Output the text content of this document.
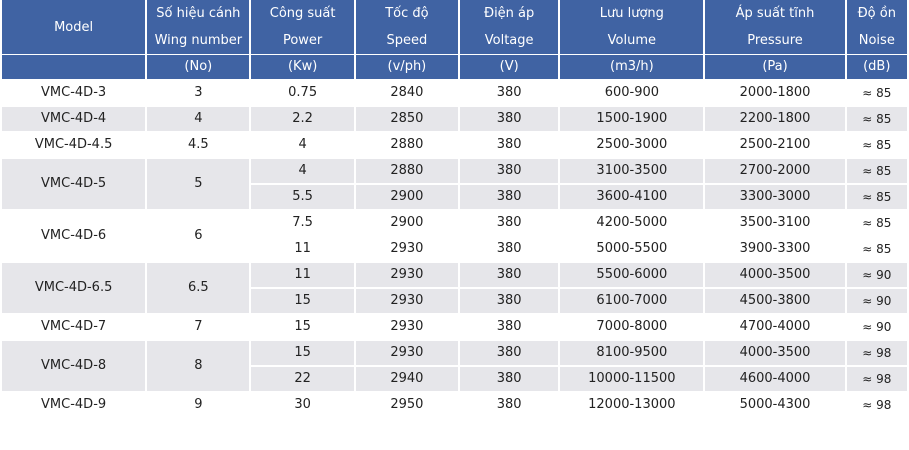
Model	Số hiệu cánh	Công suất	Tốc độ	Điện áp	Lưu lượng	Áp suất tĩnh	Độ ồn
	Wing number	Power	Speed	Voltage	Volume	Pressure	Noise
	(No)	(Kw)	(v/ph)	(V)	(m3/h)	(Pa)	(dB)
VMC-4D-3	3	0.75	2840	380	600-900	2000-1800	≈ 85
VMC-4D-4	4	2.2	2850	380	1500-1900	2200-1800	≈ 85
VMC-4D-4.5	4.5	4	2880	380	2500-3000	2500-2100	≈ 85
VMC-4D-5	5	4	2880	380	3100-3500	2700-2000	≈ 85
		5.5	2900	380	3600-4100	3300-3000	≈ 85
VMC-4D-6	6	7.5	2900	380	4200-5000	3500-3100	≈ 85
		11	2930	380	5000-5500	3900-3300	≈ 85
VMC-4D-6.5	6.5	11	2930	380	5500-6000	4000-3500	≈ 90
		15	2930	380	6100-7000	4500-3800	≈ 90
VMC-4D-7	7	15	2930	380	7000-8000	4700-4000	≈ 90
VMC-4D-8	8	15	2930	380	8100-9500	4000-3500	≈ 98
		22	2940	380	10000-11500	4600-4000	≈ 98
VMC-4D-9	9	30	2950	380	12000-13000	5000-4300	≈ 98
